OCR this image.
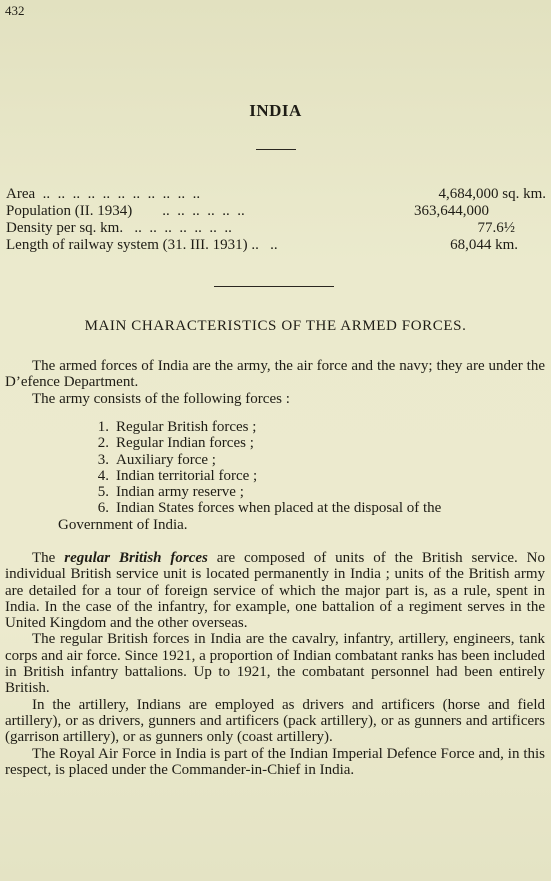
432
INDIA
Area  ..  ..  ..  ..  ..  ..  ..  ..  ..  ..  ..	4,684,000 sq. km.
Population (II. 1934)        ..  ..  ..  ..  ..  ..	363,644,000
Density per sq. km.   ..  ..  ..  ..  ..  ..  ..	77.6½
Length of railway system (31. III. 1931) ..   ..	68,044 km.
MAIN CHARACTERISTICS OF THE ARMED FORCES.

The armed forces of India are the army, the air force and the navy; they are under the D’efence Department.

The army consists of the following forces :

1. Regular British forces ;
2. Regular Indian forces ;
3. Auxiliary force ;
4. Indian territorial force ;
5. Indian army reserve ;
6. Indian States forces when placed at the disposal of the
Government of India.

The regular British forces are composed of units of the British service. No individual British service unit is located permanently in India ; units of the British army are detailed for a tour of foreign service of which the major part is, as a rule, spent in India. In the case of the infantry, for example, one battalion of a regiment serves in the United Kingdom and the other overseas.

The regular British forces in India are the cavalry, infantry, artillery, engineers, tank corps and air force. Since 1921, a proportion of Indian combatant ranks has been included in British infantry battalions. Up to 1921, the combatant personnel had been entirely British.

In the artillery, Indians are employed as drivers and artificers (horse and field artillery), or as drivers, gunners and artificers (pack artillery), or as gunners and artificers (garrison artillery), or as gunners only (coast artillery).

The Royal Air Force in India is part of the Indian Imperial Defence Force and, in this respect, is placed under the Commander-in-Chief in India.
